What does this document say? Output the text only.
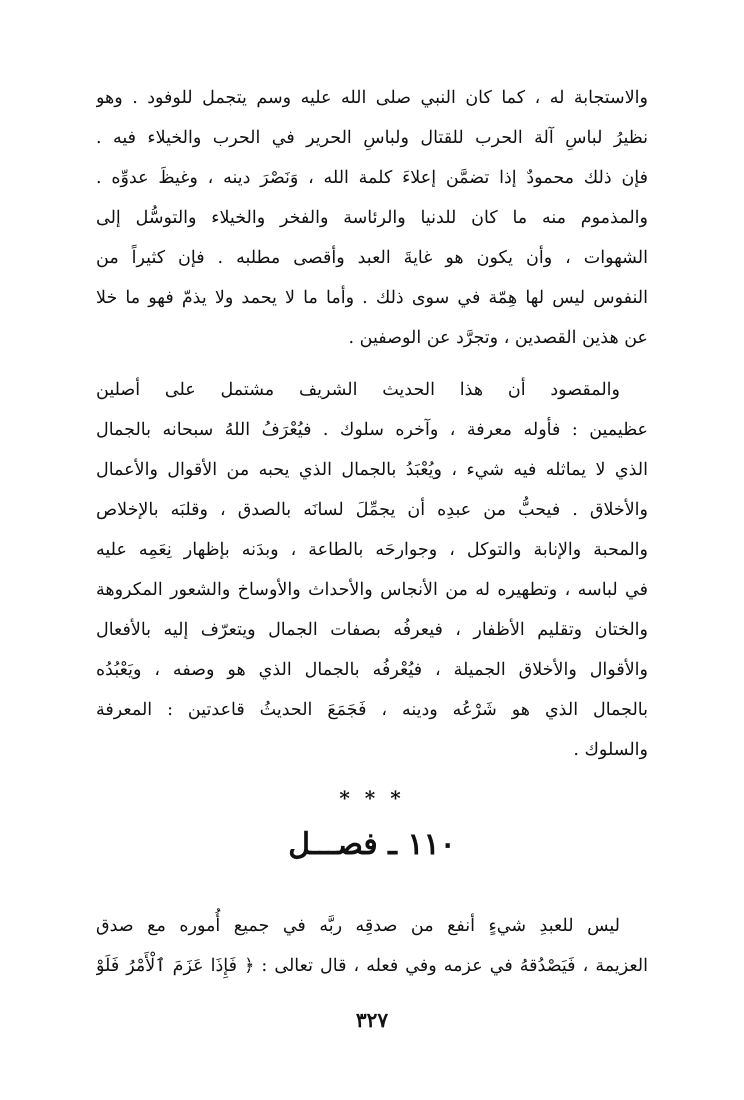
والاستجابة له ، كما كان النبي صلى الله عليه وسم يتجمل للوفود . وهو
نظيرُ لباسِ آلة الحرب للقتال ولباسِ الحرير في الحرب والخيلاء فيه .
فإن ذلك محمودٌ إذا تضمَّن إعلاءَ كلمة الله ، وَنَصْرَ دينه ، وغيظَ عدوِّه .
والمذموم منه ما كان للدنيا والرئاسة والفخر والخيلاء والتوسُّل إلى
الشهوات ، وأن يكون هو غايةَ العبد وأقصى مطلبه . فإن كثيراً من
النفوس ليس لها هِمّة في سوى ذلك . وأما ما لا يحمد ولا يذمّ فهو ما خلا
عن هذين القصدين ، وتجرَّد عن الوصفين .
والمقصود أن هذا الحديث الشريف مشتمل على أصلين
عظيمين : فأوله معرفة ، وآخره سلوك . فيُعْرَفُ اللهُ سبحانه بالجمال
الذي لا يماثله فيه شيء ، ويُعْبَدُ بالجمال الذي يحبه من الأقوال والأعمال
والأخلاق . فيحبُّ من عبدِه أن يجمِّلَ لسانَه بالصدق ، وقلبَه بالإخلاص
والمحبة والإنابة والتوكل ، وجوارحَه بالطاعة ، وبدَنه بإظهار نِعَمِه عليه
في لباسه ، وتطهيره له من الأنجاس والأحداث والأوساخ والشعور المكروهة
والختان وتقليم الأظفار ، فيعرفُه بصفات الجمال ويتعرّف إليه بالأفعال
والأقوال والأخلاق الجميلة ، فيُعْرفُه بالجمال الذي هو وصفه ، ويَعْبُدُه
بالجمال الذي هو شَرْعُه ودينه ، فَجَمَعَ الحديثُ قاعدتين : المعرفة
والسلوك .
* * *
١١٠ ـ فصـــل
ليس للعبدِ شيءٍ أنفع من صدقِه ربَّه في جميع أُموره مع صدق
العزيمة ، فَيَصْدُقهُ في عزمه وفي فعله ، قال تعالى : ﴿ فَإِذَا عَزَمَ ٱلْأَمْرُ فَلَوْ
٣٢٧
